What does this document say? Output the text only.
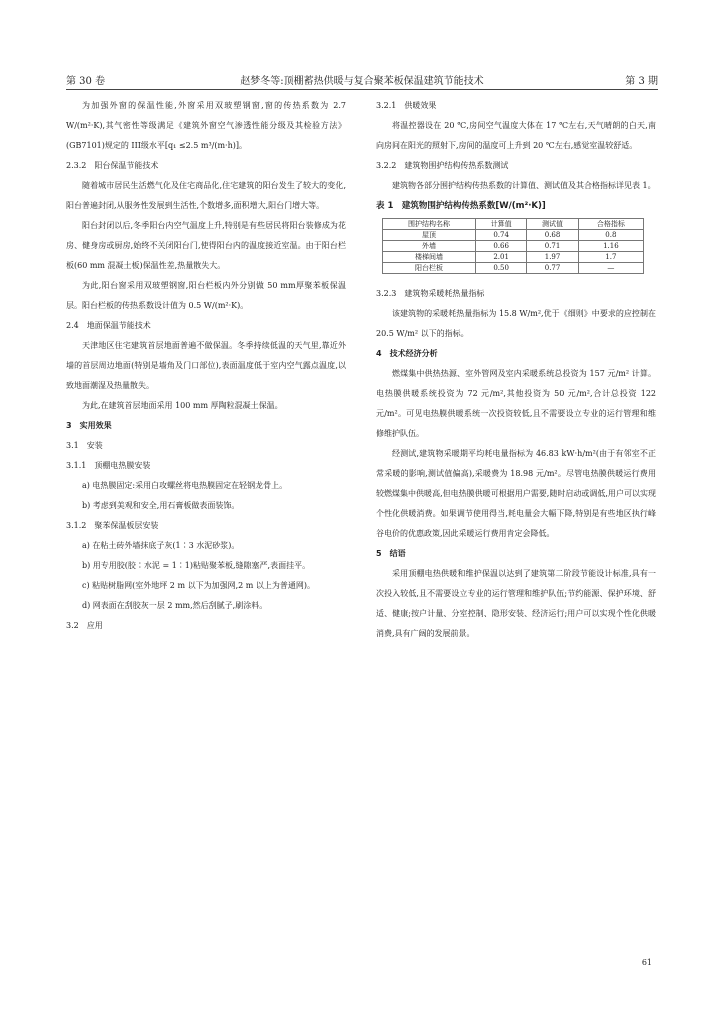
第 30 卷	赵梦冬等:顶棚蓄热供暖与复合聚苯板保温建筑节能技术	第 3 期

为加强外窗的保温性能,外窗采用双玻塑钢窗,窗的传热系数为 2.7 W/(m²·K),其气密性等级满足《建筑外窗空气渗透性能分级及其检验方法》(GB7101)规定的 III级水平[q₁ ≤2.5 m³/(m·h)]。

2.3.2　阳台保温节能技术

随着城市居民生活燃气化及住宅商品化,住宅建筑的阳台发生了较大的变化,阳台普遍封闭,从服务性发展到生活性,个数增多,面积增大,阳台门增大等。

阳台封闭以后,冬季阳台内空气温度上升,特别是有些居民将阳台装修成为花房、健身房或厨房,始终不关闭阳台门,使得阳台内的温度接近室温。由于阳台栏板(60 mm 混凝土板)保温性差,热量散失大。

为此,阳台窗采用双玻塑钢窗,阳台栏板内外分别做 50 mm厚聚苯板保温层。阳台栏板的传热系数设计值为 0.5 W/(m²·K)。

2.4　地面保温节能技术

天津地区住宅建筑首层地面普遍不做保温。冬季持续低温的天气里,靠近外墙的首层周边地面(特别是墙角及门口部位),表面温度低于室内空气露点温度,以致地面潮湿及热量散失。

为此,在建筑首层地面采用 100 mm 厚陶粒混凝土保温。

3　实用效果

3.1　安装

3.1.1　顶棚电热膜安装

a) 电热膜固定:采用白攻螺丝将电热膜固定在轻钢龙骨上。

b) 考虑到美观和安全,用石膏板做表面装饰。

3.1.2　聚苯保温板层安装

a) 在粘土砖外墙抹底子灰(1∶3 水泥砂浆)。

b) 用专用胶(胶∶水泥 = 1∶1)粘贴聚苯板,缝隙塞严,表面挂平。

c) 粘贴树脂网(室外地坪 2 m 以下为加强网,2 m 以上为普通网)。

d) 网表面在刮胶灰一层 2 mm,然后刮腻子,刷涂料。

3.2　应用

3.2.1　供暖效果

将温控器设在 20 ℃,房间空气温度大体在 17 ℃左右,天气晴朗的白天,南向房间在阳光的照射下,房间的温度可上升到 20 ℃左右,感觉室温较舒适。

3.2.2　建筑物围护结构传热系数测试

建筑物各部分围护结构传热系数的计算值、测试值及其合格指标详见表 1。

表 1　建筑物围护结构传热系数[W/(m²·K)]

围护结构名称	计算值	测试值	合格指标
屋顶	0.74	0.68	0.8
外墙	0.66	0.71	1.16
楼梯间墙	2.01	1.97	1.7
阳台栏板	0.50	0.77	—

3.2.3　建筑物采暖耗热量指标

该建筑物的采暖耗热量指标为 15.8 W/m²,优于《细则》中要求的应控制在 20.5 W/m² 以下的指标。

4　技术经济分析

燃煤集中供热热源、室外管网及室内采暖系统总投资为 157 元/m² 计算。电热膜供暖系统投资为 72 元/m²,其他投资为 50 元/m²,合计总投资 122 元/m²。可见电热膜供暖系统一次投资较低,且不需要设立专业的运行管理和维修维护队伍。

经测试,建筑物采暖期平均耗电量指标为 46.83 kW·h/m²(由于有邻室不正常采暖的影响,测试值偏高),采暖费为 18.98 元/m²。尽管电热膜供暖运行费用较燃煤集中供暖高,但电热膜供暖可根据用户需要,随时启动或调低,用户可以实现个性化供暖消费。如果调节使用得当,耗电量会大幅下降,特别是有些地区执行峰谷电价的优惠政策,因此采暖运行费用肯定会降低。

5　结语

采用顶棚电热供暖和维护保温以达到了建筑第二阶段节能设计标准,具有一次投入较低,且不需要设立专业的运行管理和维护队伍;节约能源、保护环境、舒适、健康;按户计量、分室控制、隐形安装、经济运行;用户可以实现个性化供暖消费,具有广阔的发展前景。

61
